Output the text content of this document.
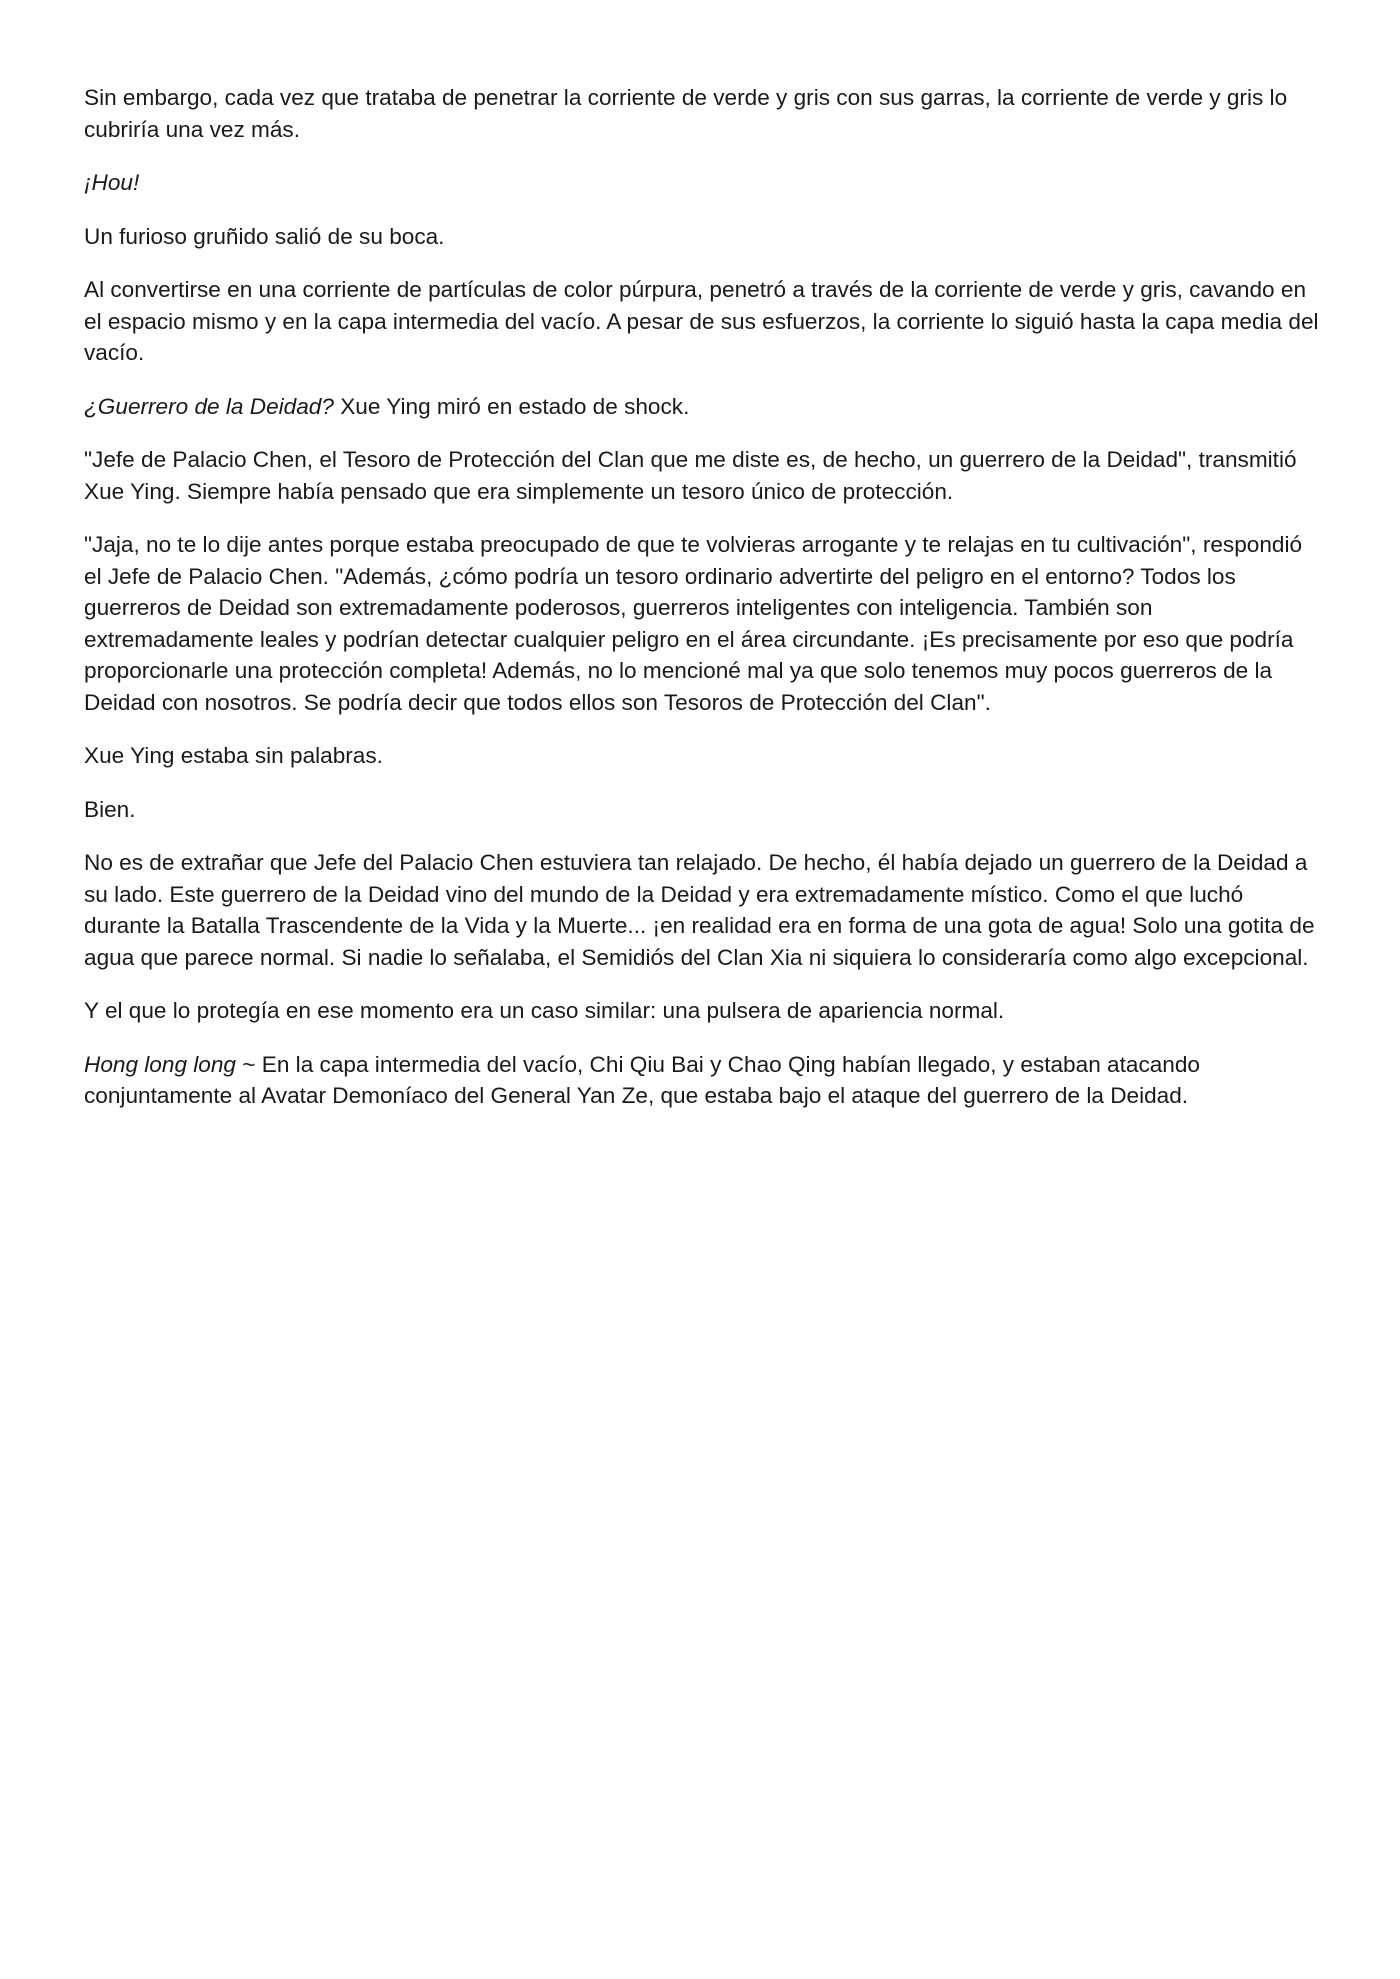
Sin embargo, cada vez que trataba de penetrar la corriente de verde y gris con sus garras, la corriente de verde y gris lo cubriría una vez más.

¡Hou!

Un furioso gruñido salió de su boca.

Al convertirse en una corriente de partículas de color púrpura, penetró a través de la corriente de verde y gris, cavando en el espacio mismo y en la capa intermedia del vacío. A pesar de sus esfuerzos, la corriente lo siguió hasta la capa media del vacío.

¿Guerrero de la Deidad? Xue Ying miró en estado de shock.

"Jefe de Palacio Chen, el Tesoro de Protección del Clan que me diste es, de hecho, un guerrero de la Deidad", transmitió Xue Ying. Siempre había pensado que era simplemente un tesoro único de protección.

"Jaja, no te lo dije antes porque estaba preocupado de que te volvieras arrogante y te relajas en tu cultivación", respondió el Jefe de Palacio Chen. "Además, ¿cómo podría un tesoro ordinario advertirte del peligro en el entorno? Todos los guerreros de Deidad son extremadamente poderosos, guerreros inteligentes con inteligencia. También son extremadamente leales y podrían detectar cualquier peligro en el área circundante. ¡Es precisamente por eso que podría proporcionarle una protección completa! Además, no lo mencioné mal ya que solo tenemos muy pocos guerreros de la Deidad con nosotros. Se podría decir que todos ellos son Tesoros de Protección del Clan".

Xue Ying estaba sin palabras.

Bien.

No es de extrañar que Jefe del Palacio Chen estuviera tan relajado. De hecho, él había dejado un guerrero de la Deidad a su lado. Este guerrero de la Deidad vino del mundo de la Deidad y era extremadamente místico. Como el que luchó durante la Batalla Trascendente de la Vida y la Muerte... ¡en realidad era en forma de una gota de agua! Solo una gotita de agua que parece normal. Si nadie lo señalaba, el Semidiós del Clan Xia ni siquiera lo consideraría como algo excepcional.

Y el que lo protegía en ese momento era un caso similar: una pulsera de apariencia normal.

Hong long long ~ En la capa intermedia del vacío, Chi Qiu Bai y Chao Qing habían llegado, y estaban atacando conjuntamente al Avatar Demoníaco del General Yan Ze, que estaba bajo el ataque del guerrero de la Deidad.
